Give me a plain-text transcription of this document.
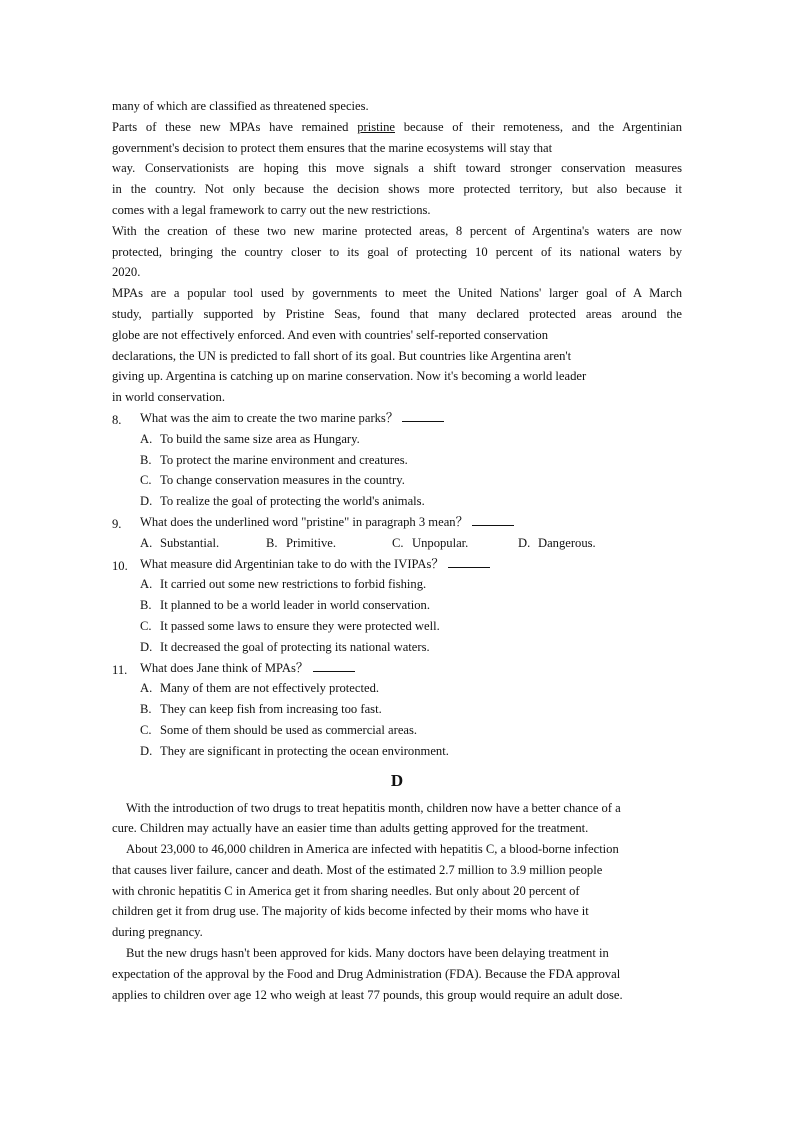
many of which are classified as threatened species.
Parts of these new MPAs have remained pristine because of their remoteness, and the Argentinian
government's decision to protect them ensures that the marine ecosystems will stay that
way. Conservationists are hoping this move signals a shift toward stronger conservation measures
in the country. Not only because the decision shows more protected territory, but also because it
comes with a legal framework to carry out the new restrictions.
With the creation of these two new marine protected areas, 8 percent of Argentina's waters are now
protected, bringing the country closer to its goal of protecting 10 percent of its national waters by
2020.
MPAs are a popular tool used by governments to meet the United Nations' larger goal of A March
study, partially supported by Pristine Seas, found that many declared protected areas around the
globe are not effectively enforced. And even with countries' self-reported conservation
declarations, the UN is predicted to fall short of its goal. But countries like Argentina aren't
giving up. Argentina is catching up on marine conservation. Now it's becoming a world leader
in world conservation.
8. What was the aim to create the two marine parks？
A. To build the same size area as Hungary.
B. To protect the marine environment and creatures.
C. To change conservation measures in the country.
D. To realize the goal of protecting the world's animals.
9. What does the underlined word "pristine" in paragraph 3 mean？
A. Substantial.	B. Primitive.	C. Unpopular.	D. Dangerous.
10. What measure did Argentinian take to do with the IVIPAs？
A. It carried out some new restrictions to forbid fishing.
B. It planned to be a world leader in world conservation.
C. It passed some laws to ensure they were protected well.
D. It decreased the goal of protecting its national waters.
11. What does Jane think of MPAs？
A. Many of them are not effectively protected.
B. They can keep fish from increasing too fast.
C. Some of them should be used as commercial areas.
D. They are significant in protecting the ocean environment.
D
With the introduction of two drugs to treat hepatitis month, children now have a better chance of a
cure. Children may actually have an easier time than adults getting approved for the treatment.
About 23,000 to 46,000 children in America are infected with hepatitis C, a blood-borne infection
that causes liver failure, cancer and death. Most of the estimated 2.7 million to 3.9 million people
with chronic hepatitis C in America get it from sharing needles. But only about 20 percent of
children get it from drug use. The majority of kids become infected by their moms who have it
during pregnancy.
But the new drugs hasn't been approved for kids. Many doctors have been delaying treatment in
expectation of the approval by the Food and Drug Administration (FDA). Because the FDA approval
applies to children over age 12 who weigh at least 77 pounds, this group would require an adult dose.
